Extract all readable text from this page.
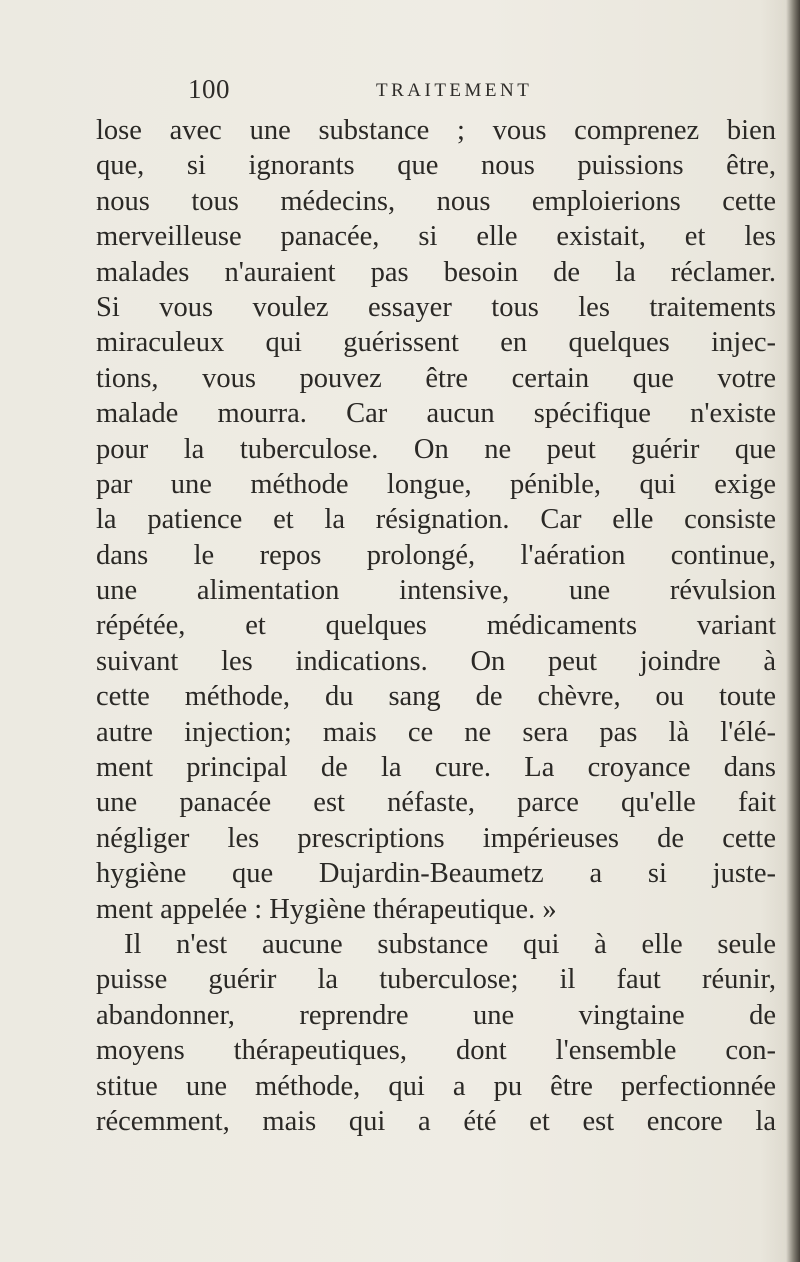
100	TRAITEMENT
lose avec une substance ; vous comprenez bien
que, si ignorants que nous puissions être,
nous tous médecins, nous emploierions cette
merveilleuse panacée, si elle existait, et les
malades n'auraient pas besoin de la réclamer.
Si vous voulez essayer tous les traitements
miraculeux qui guérissent en quelques injec-
tions, vous pouvez être certain que votre
malade mourra. Car aucun spécifique n'existe
pour la tuberculose. On ne peut guérir que
par une méthode longue, pénible, qui exige
la patience et la résignation. Car elle consiste
dans le repos prolongé, l'aération continue,
une alimentation intensive, une révulsion
répétée, et quelques médicaments variant
suivant les indications. On peut joindre à
cette méthode, du sang de chèvre, ou toute
autre injection; mais ce ne sera pas là l'élé-
ment principal de la cure. La croyance dans
une panacée est néfaste, parce qu'elle fait
négliger les prescriptions impérieuses de cette
hygiène que Dujardin-Beaumetz a si juste-
ment appelée : Hygiène thérapeutique. »
Il n'est aucune substance qui à elle seule
puisse guérir la tuberculose; il faut réunir,
abandonner, reprendre une vingtaine de
moyens thérapeutiques, dont l'ensemble con-
stitue une méthode, qui a pu être perfectionnée
récemment, mais qui a été et est encore la
